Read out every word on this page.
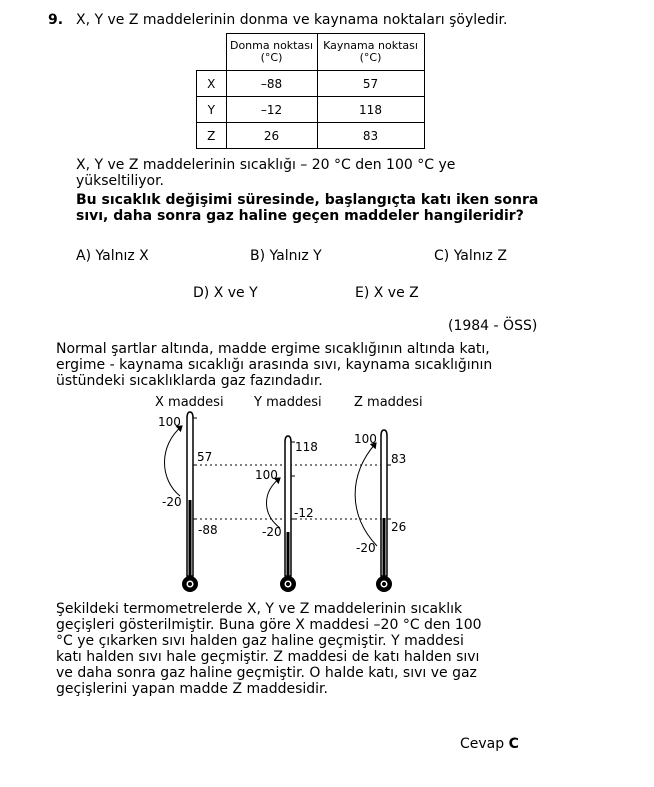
9. X, Y ve Z maddelerinin donma ve kaynama noktaları şöyledir.
	Donma noktası (°C)	Kaynama noktası (°C)
X	–88	57
Y	–12	118
Z	26	83
X, Y ve Z maddelerinin sıcaklığı – 20 °C den 100 °C ye
yükseltiliyor.
Bu sıcaklık değişimi süresinde, başlangıçta katı iken sonra
sıvı, daha sonra gaz haline geçen maddeler hangileridir?
A) Yalnız X	B) Yalnız Y	C) Yalnız Z
D) X ve Y	E) X ve Z
(1984 - ÖSS)
Normal şartlar altında, madde ergime sıcaklığının altında katı,
ergime - kaynama sıcaklığı arasında sıvı, kaynama sıcaklığının
üstündeki sıcaklıklarda gaz fazındadır.
X maddesi Y maddesi Z maddesi
100
57
-20
-88
118
100
-12
-20
100
83
26
-20
Şekildeki termometrelerde X, Y ve Z maddelerinin sıcaklık
geçişleri gösterilmiştir. Buna göre X maddesi –20 °C den 100
°C ye çıkarken sıvı halden gaz haline geçmiştir. Y maddesi
katı halden sıvı hale geçmiştir. Z maddesi de katı halden sıvı
ve daha sonra gaz haline geçmiştir. O halde katı, sıvı ve gaz
geçişlerini yapan madde Z maddesidir.
Cevap C
